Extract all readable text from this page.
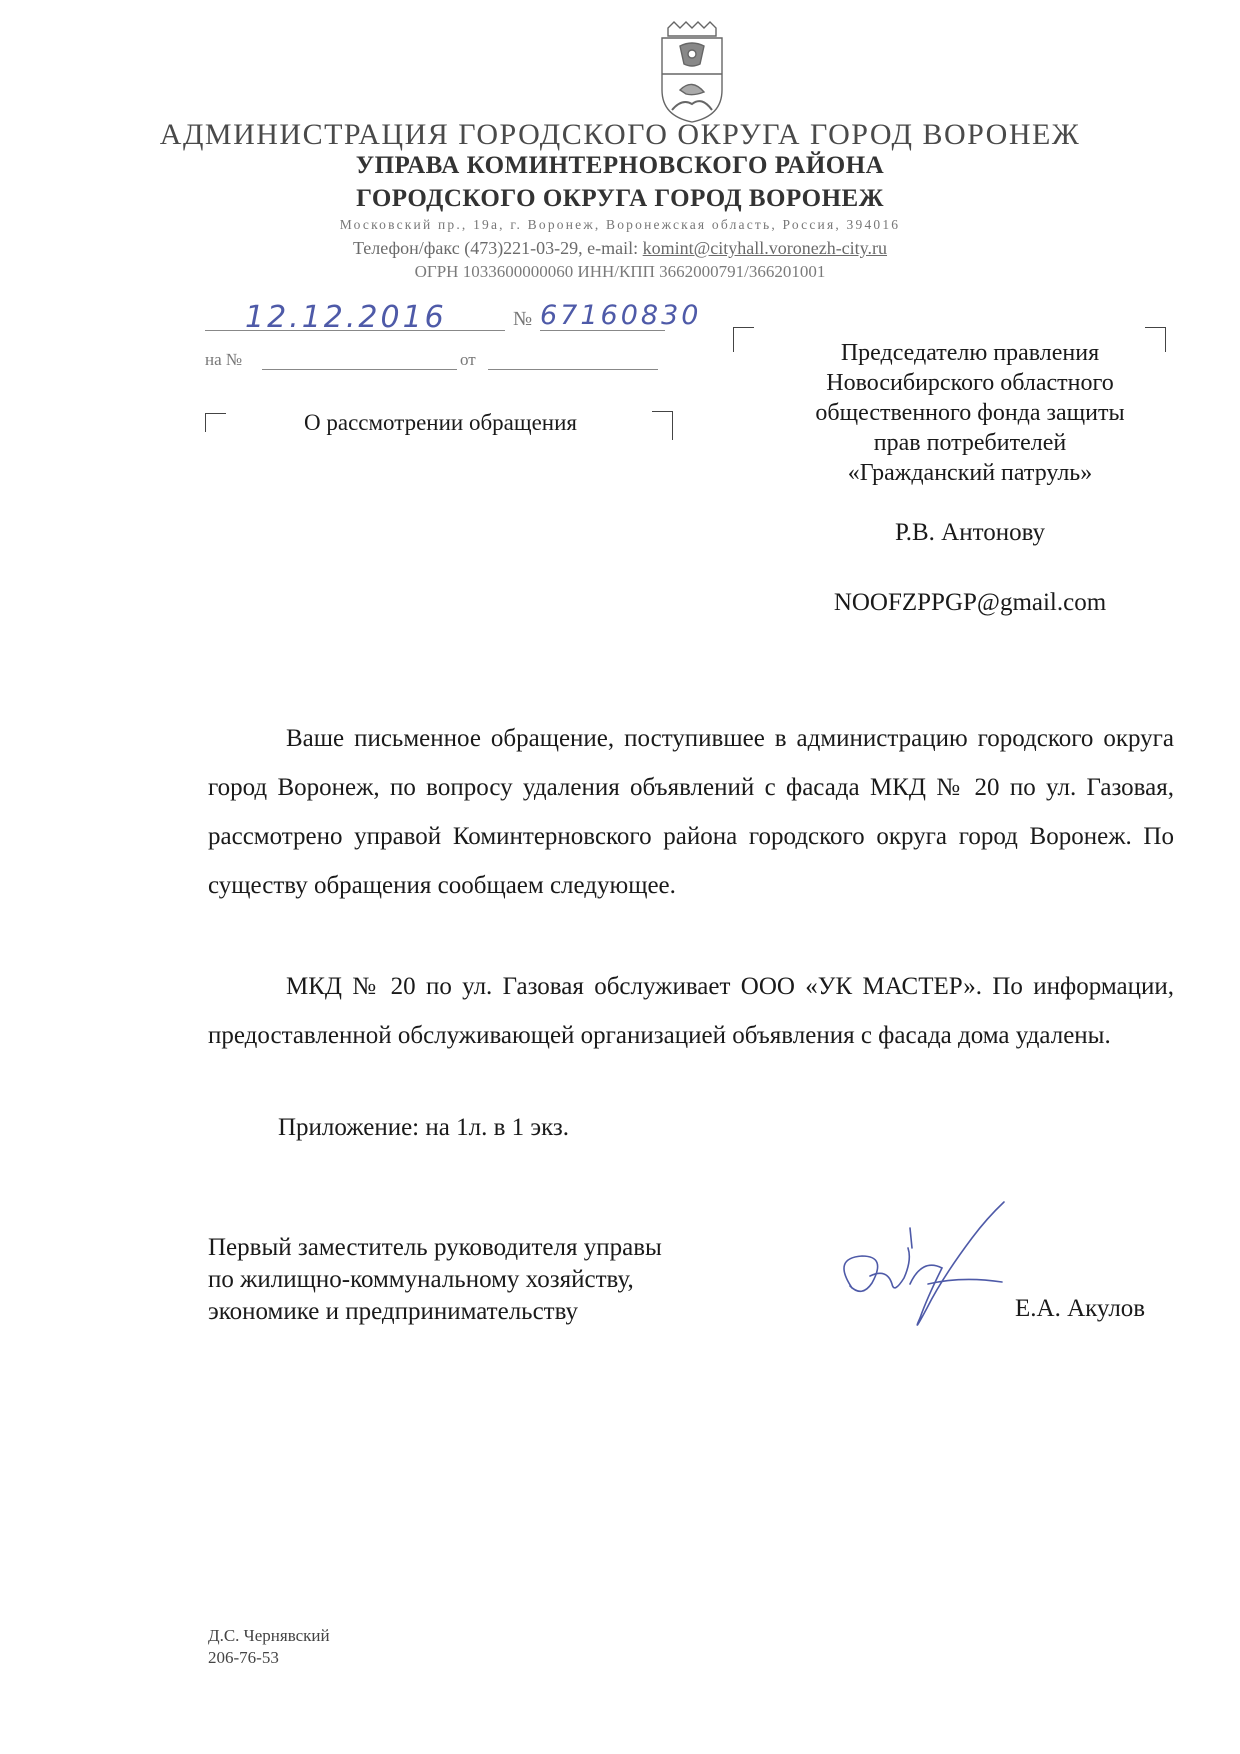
АДМИНИСТРАЦИЯ ГОРОДСКОГО ОКРУГА ГОРОД ВОРОНЕЖ
УПРАВА КОМИНТЕРНОВСКОГО РАЙОНА
ГОРОДСКОГО ОКРУГА ГОРОД ВОРОНЕЖ
Московский пр., 19а, г. Воронеж, Воронежская область, Россия, 394016
Телефон/факс (473)221-03-29, e-mail: komint@cityhall.voronezh-city.ru
ОГРН 1033600000060 ИНН/КПП 3662000791/366201001
12.12.2016	№ 67160830
на №	от
О рассмотрении обращения
Председателю правления
Новосибирского областного
общественного фонда защиты
прав потребителей
«Гражданский патруль»
Р.В. Антонову
NOOFZPPGP@gmail.com
Ваше письменное обращение, поступившее в администрацию городского округа город Воронеж, по вопросу удаления объявлений с фасада МКД № 20 по ул. Газовая, рассмотрено управой Коминтерновского района городского округа город Воронеж. По существу обращения сообщаем следующее.
МКД № 20 по ул. Газовая обслуживает ООО «УК МАСТЕР». По информации, предоставленной обслуживающей организацией объявления с фасада дома удалены.
Приложение: на 1л. в 1 экз.
Первый заместитель руководителя управы
по жилищно-коммунальному хозяйству,
экономике и предпринимательству	Е.А. Акулов
Д.С. Чернявский
206-76-53
